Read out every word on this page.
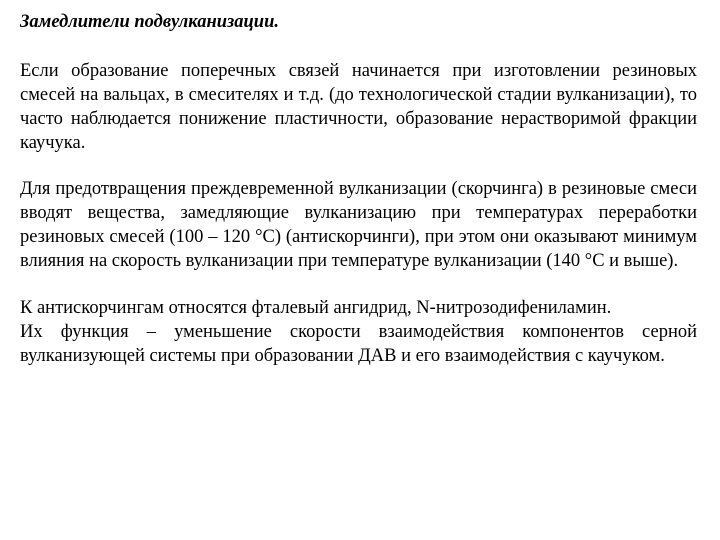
Замедлители подвулканизации.

Если образование поперечных связей начинается при изготовлении резиновых смесей на вальцах, в смесителях и т.д. (до технологической стадии вулканизации), то часто наблюдается понижение пластичности, образование нерастворимой фракции каучука.

Для предотвращения преждевременной вулканизации (скорчинга) в резиновые смеси вводят вещества, замедляющие вулканизацию при температурах переработки резиновых смесей (100 – 120 °С) (антискорчинги), при этом они оказывают минимум влияния на скорость вулканизации при температуре вулканизации (140 °С и выше).

К антискорчингам относятся фталевый ангидрид, N-нитрозодифениламин.

Их функция – уменьшение скорости взаимодействия компонентов серной вулканизующей системы при образовании ДАВ и его взаимодействия с каучуком.
